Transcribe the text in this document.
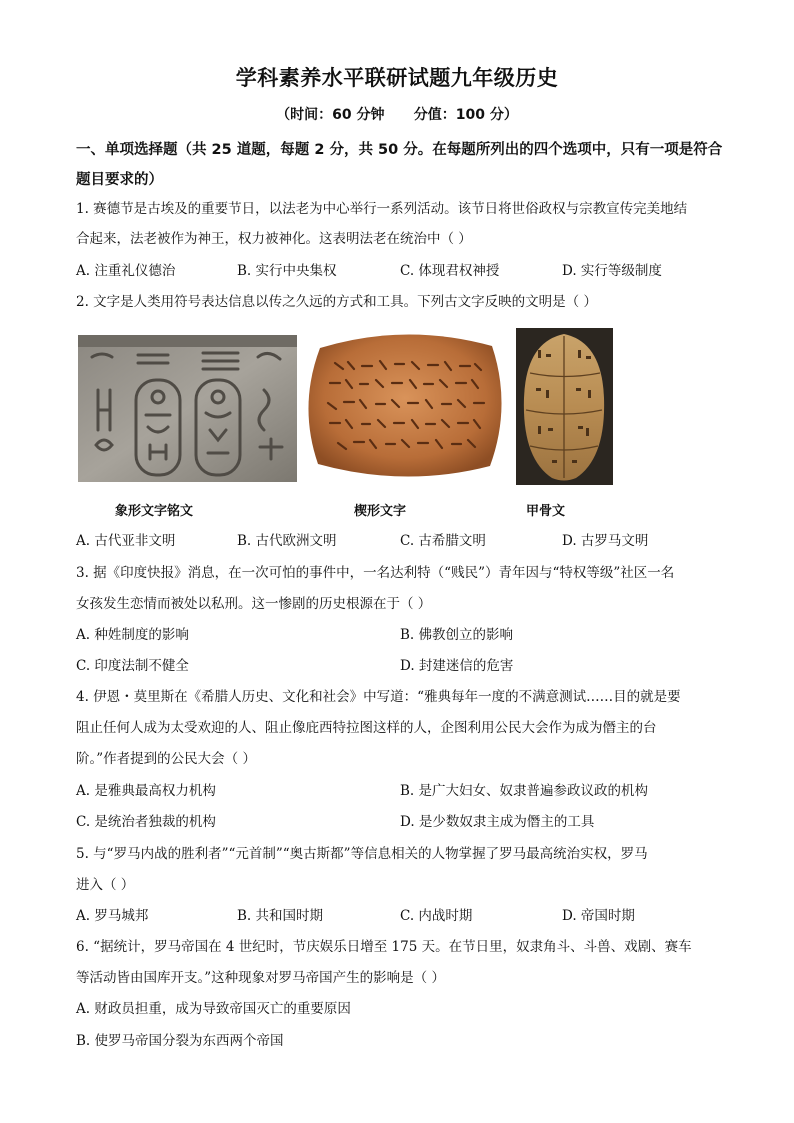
学科素养水平联研试题九年级历史
（时间：60 分钟      分值：100 分）
一、单项选择题（共 25 道题，每题 2 分，共 50 分。在每题所列出的四个选项中，只有一项是符合题目要求的）
1. 赛德节是古埃及的重要节日，以法老为中心举行一系列活动。该节日将世俗政权与宗教宣传完美地结
合起来，法老被作为神王，权力被神化。这表明法老在统治中（ ）
A. 注重礼仪德治	B. 实行中央集权	C. 体现君权神授	D. 实行等级制度
2. 文字是人类用符号表达信息以传之久远的方式和工具。下列古文字反映的文明是（ ）
象形文字铭文	楔形文字	甲骨文
A. 古代亚非文明	B. 古代欧洲文明	C. 古希腊文明	D. 古罗马文明
3. 据《印度快报》消息，在一次可怕的事件中，一名达利特（“贱民”）青年因与“特权等级”社区一名
女孩发生恋情而被处以私刑。这一惨剧的历史根源在于（ ）
A. 种姓制度的影响	B. 佛教创立的影响
C. 印度法制不健全	D. 封建迷信的危害
4. 伊恩・莫里斯在《希腊人历史、文化和社会》中写道：“雅典每年一度的不满意测试……目的就是要
阻止任何人成为太受欢迎的人、阻止像庇西特拉图这样的人，企图利用公民大会作为成为僭主的台
阶。”作者提到的公民大会（ ）
A. 是雅典最高权力机构	B. 是广大妇女、奴隶普遍参政议政的机构
C. 是统治者独裁的机构	D. 是少数奴隶主成为僭主的工具
5. 与“罗马内战的胜利者”“元首制”“奥古斯都”等信息相关的人物掌握了罗马最高统治实权，罗马
进入（ ）
A. 罗马城邦	B. 共和国时期	C. 内战时期	D. 帝国时期
6. “据统计，罗马帝国在 4 世纪时，节庆娱乐日增至 175 天。在节日里，奴隶角斗、斗兽、戏剧、赛车
等活动皆由国库开支。”这种现象对罗马帝国产生的影响是（ ）
A. 财政员担重，成为导致帝国灭亡的重要原因
B. 使罗马帝国分裂为东西两个帝国
